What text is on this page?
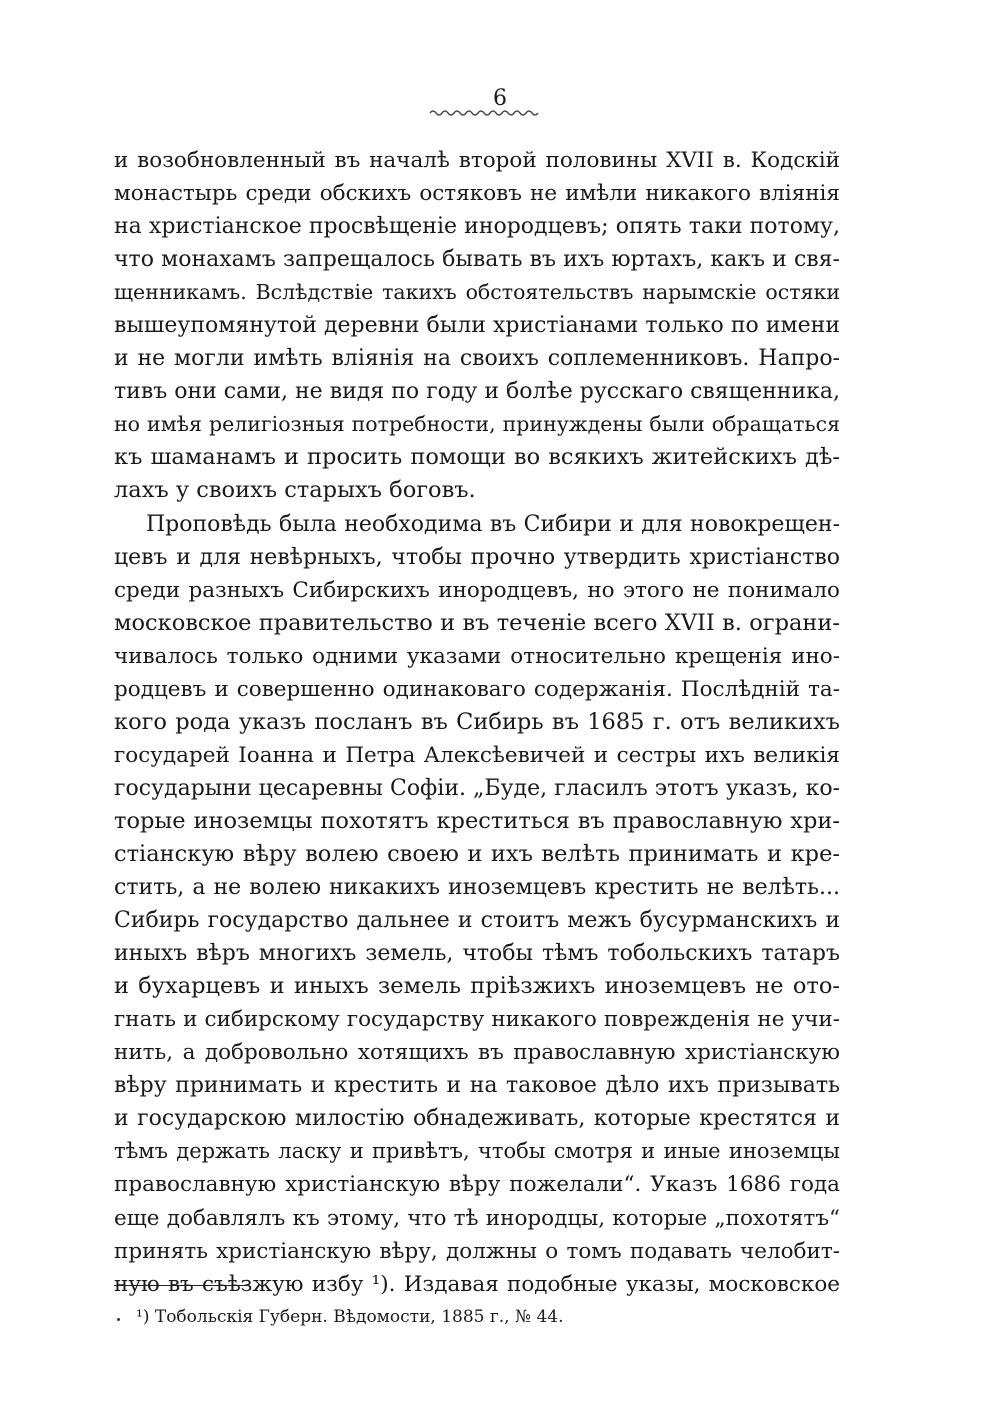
6
и возобновленный въ началѣ второй половины XVII в. Кодскій
монастырь среди обскихъ остяковъ не имѣли никакого вліянія
на христіанское просвѣщеніе инородцевъ; опять таки потому,
что монахамъ запрещалось бывать въ ихъ юртахъ, какъ и свя-
щенникамъ. Вслѣдствіе такихъ обстоятельствъ нарымскіе остяки
вышеупомянутой деревни были христіанами только по имени
и не могли имѣть вліянія на своихъ соплеменниковъ. Напро-
тивъ они сами, не видя по году и болѣе русскаго священника,
но имѣя религіозныя потребности, принуждены были обращаться
къ шаманамъ и просить помощи во всякихъ житейскихъ дѣ-
лахъ у своихъ старыхъ боговъ.
Проповѣдь была необходима въ Сибири и для новокрещен-
цевъ и для невѣрныхъ, чтобы прочно утвердить христіанство
среди разныхъ Сибирскихъ инородцевъ, но этого не понимало
московское правительство и въ теченіе всего XVII в. ограни-
чивалось только одними указами относительно крещенія ино-
родцевъ и совершенно одинаковаго содержанія. Послѣдній та-
кого рода указъ посланъ въ Сибирь въ 1685 г. отъ великихъ
государей Іоанна и Петра Алексѣевичей и сестры ихъ великія
государыни цесаревны Софіи. „Буде, гласилъ этотъ указъ, ко-
торые иноземцы похотятъ креститься въ православную хри-
стіанскую вѣру волею своею и ихъ велѣть принимать и кре-
стить, а не волею никакихъ иноземцевъ крестить не велѣть...
Сибирь государство дальнее и стоитъ межъ бусурманскихъ и
иныхъ вѣръ многихъ земель, чтобы тѣмъ тобольскихъ татаръ
и бухарцевъ и иныхъ земель пріѣзжихъ иноземцевъ не ото-
гнать и сибирскому государству никакого поврежденія не учи-
нить, а добровольно хотящихъ въ православную христіанскую
вѣру принимать и крестить и на таковое дѣло ихъ призывать
и государскою милостію обнадеживать, которые крестятся и
тѣмъ держать ласку и привѣтъ, чтобы смотря и иные иноземцы
православную христіанскую вѣру пожелали“. Указъ 1686 года
еще добавлялъ къ этому, что тѣ инородцы, которые „похотятъ“
принять христіанскую вѣру, должны о томъ подавать челобит-
ную въ съѣзжую избу ¹). Издавая подобные указы, московское
¹) Тобольскія Губерн. Вѣдомости, 1885 г., № 44.
